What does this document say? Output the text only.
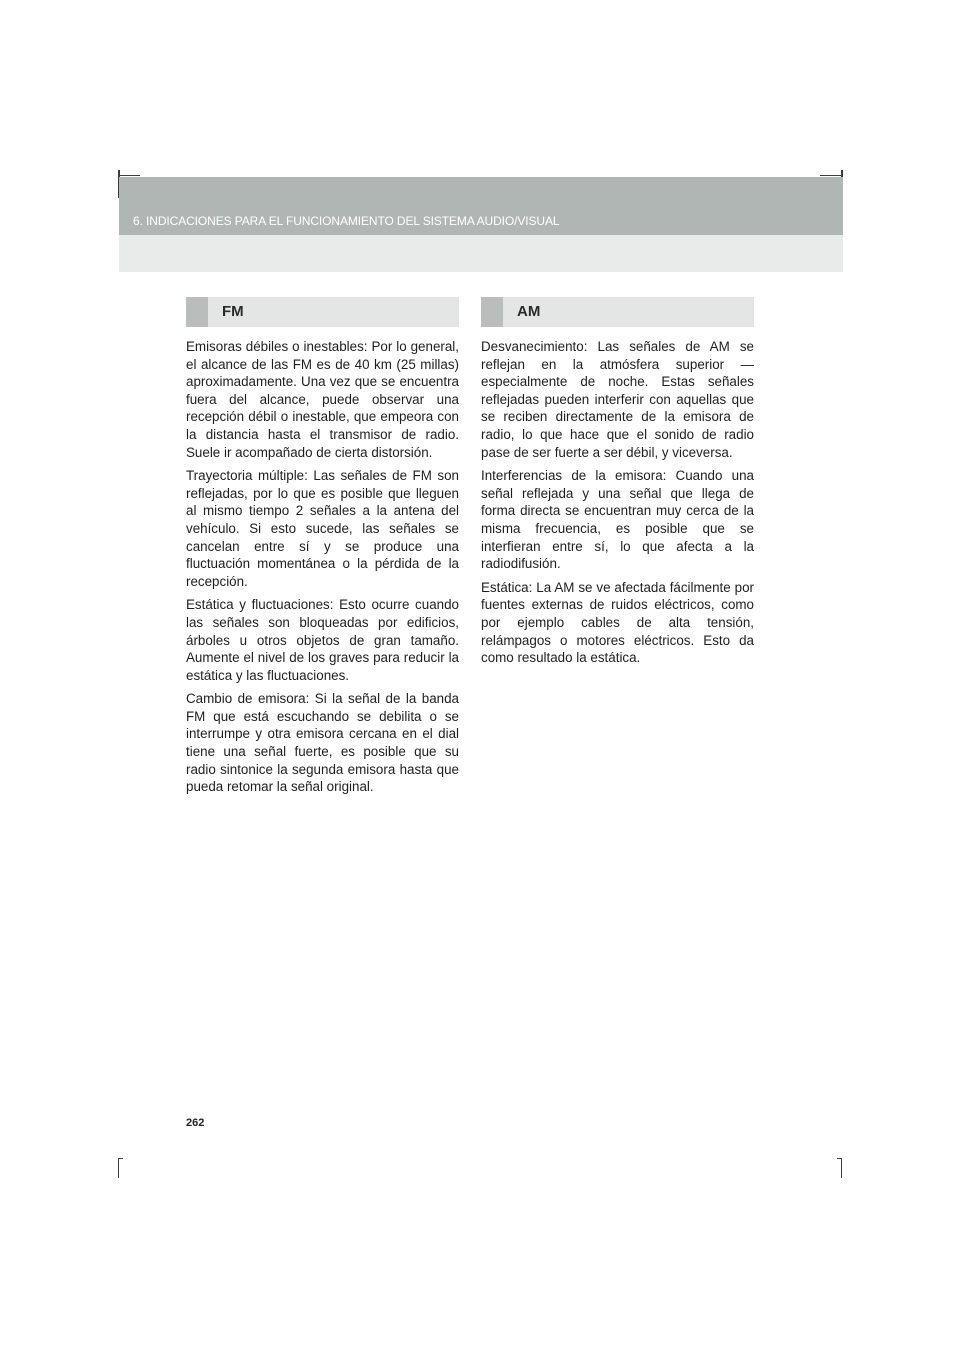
6. INDICACIONES PARA EL FUNCIONAMIENTO DEL SISTEMA AUDIO/VISUAL
FM

Emisoras débiles o inestables: Por lo general, el alcance de las FM es de 40 km (25 millas) aproximadamente. Una vez que se encuentra fuera del alcance, puede observar una recepción débil o inestable, que empeora con la distancia hasta el transmisor de radio. Suele ir acompañado de cierta distorsión.

Trayectoria múltiple: Las señales de FM son reflejadas, por lo que es posible que lleguen al mismo tiempo 2 señales a la antena del vehículo. Si esto sucede, las señales se cancelan entre sí y se produce una fluctuación momentánea o la pérdida de la recepción.

Estática y fluctuaciones: Esto ocurre cuando las señales son bloqueadas por edificios, árboles u otros objetos de gran tamaño. Aumente el nivel de los graves para reducir la estática y las fluctuaciones.

Cambio de emisora: Si la señal de la banda FM que está escuchando se debilita o se interrumpe y otra emisora cercana en el dial tiene una señal fuerte, es posible que su radio sintonice la segunda emisora hasta que pueda retomar la señal original.

AM

Desvanecimiento: Las señales de AM se reflejan en la atmósfera superior — especialmente de noche. Estas señales reflejadas pueden interferir con aquellas que se reciben directamente de la emisora de radio, lo que hace que el sonido de radio pase de ser fuerte a ser débil, y viceversa.

Interferencias de la emisora: Cuando una señal reflejada y una señal que llega de forma directa se encuentran muy cerca de la misma frecuencia, es posible que se interfieran entre sí, lo que afecta a la radiodifusión.

Estática: La AM se ve afectada fácilmente por fuentes externas de ruidos eléctricos, como por ejemplo cables de alta tensión, relámpagos o motores eléctricos. Esto da como resultado la estática.

262
